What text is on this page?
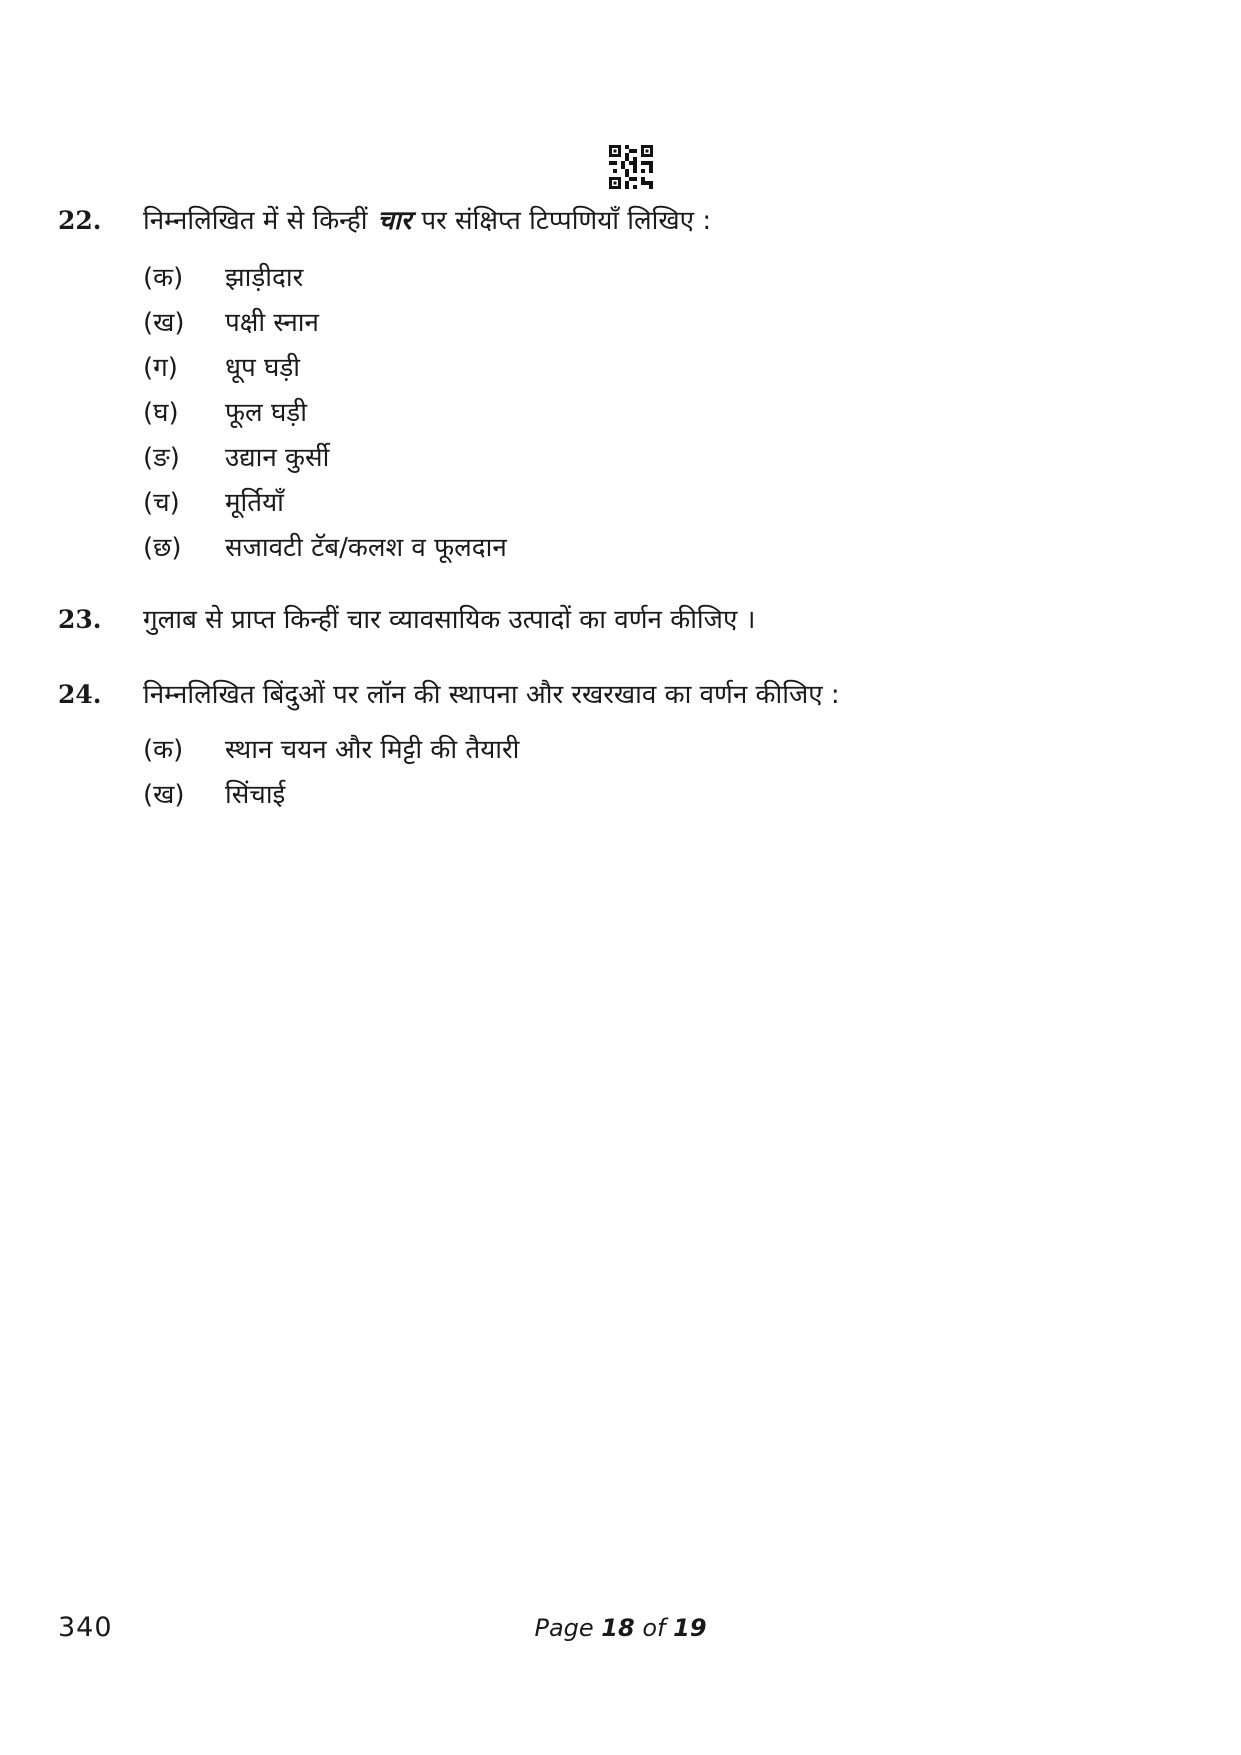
22.	निम्नलिखित में से किन्हीं चार पर संक्षिप्त टिप्पणियाँ लिखिए :
(क)	झाड़ीदार
(ख)	पक्षी स्नान
(ग)	धूप घड़ी
(घ)	फूल घड़ी
(ङ)	उद्यान कुर्सी
(च)	मूर्तियाँ
(छ)	सजावटी टॅब/कलश व फूलदान
23.	गुलाब से प्राप्त किन्हीं चार व्यावसायिक उत्पादों का वर्णन कीजिए ।
24.	निम्नलिखित बिंदुओं पर लॉन की स्थापना और रखरखाव का वर्णन कीजिए :
(क)	स्थान चयन और मिट्टी की तैयारी
(ख)	सिंचाई
340	Page 18 of 19
